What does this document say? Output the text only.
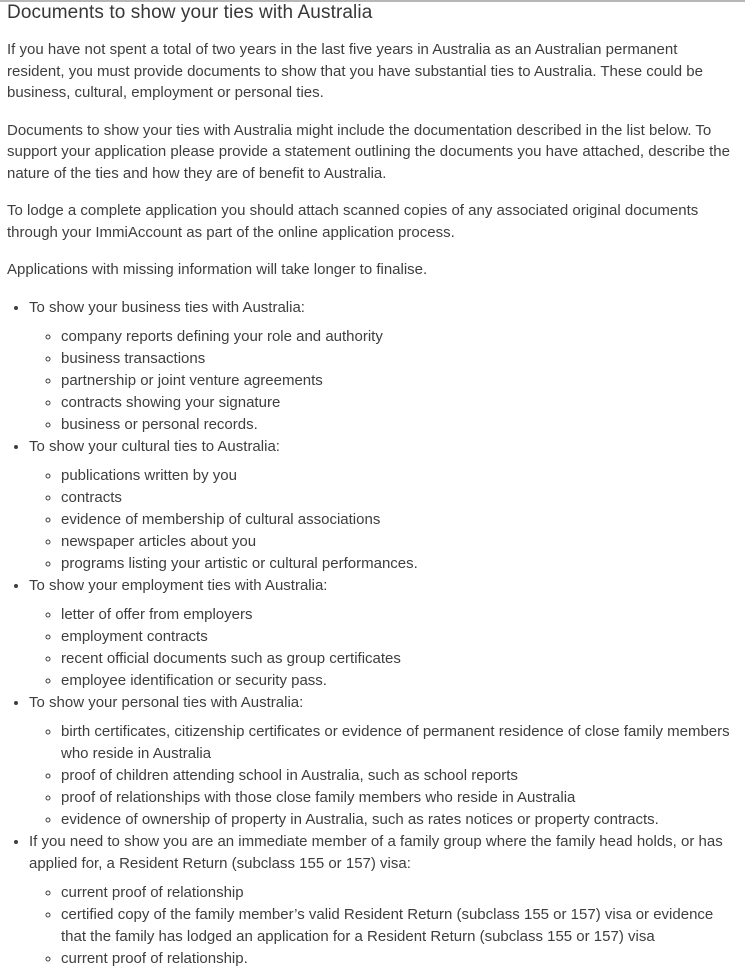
Documents to show your ties with Australia

If you have not spent a total of two years in the last five years in Australia as an Australian permanent resident, you must provide documents to show that you have substantial ties to Australia. These could be business, cultural, employment or personal ties.

Documents to show your ties with Australia might include the documentation described in the list below. To support your application please provide a statement outlining the documents you have attached, describe the nature of the ties and how they are of benefit to Australia.

To lodge a complete application you should attach scanned copies of any associated original documents through your ImmiAccount as part of the online application process.

Applications with missing information will take longer to finalise.

• To show your business ties with Australia:
◦ company reports defining your role and authority
◦ business transactions
◦ partnership or joint venture agreements
◦ contracts showing your signature
◦ business or personal records.
• To show your cultural ties to Australia:
◦ publications written by you
◦ contracts
◦ evidence of membership of cultural associations
◦ newspaper articles about you
◦ programs listing your artistic or cultural performances.
• To show your employment ties with Australia:
◦ letter of offer from employers
◦ employment contracts
◦ recent official documents such as group certificates
◦ employee identification or security pass.
• To show your personal ties with Australia:
◦ birth certificates, citizenship certificates or evidence of permanent residence of close family members who reside in Australia
◦ proof of children attending school in Australia, such as school reports
◦ proof of relationships with those close family members who reside in Australia
◦ evidence of ownership of property in Australia, such as rates notices or property contracts.
• If you need to show you are an immediate member of a family group where the family head holds, or has applied for, a Resident Return (subclass 155 or 157) visa:
◦ current proof of relationship
◦ certified copy of the family member’s valid Resident Return (subclass 155 or 157) visa or evidence that the family has lodged an application for a Resident Return (subclass 155 or 157) visa
◦ current proof of relationship.
